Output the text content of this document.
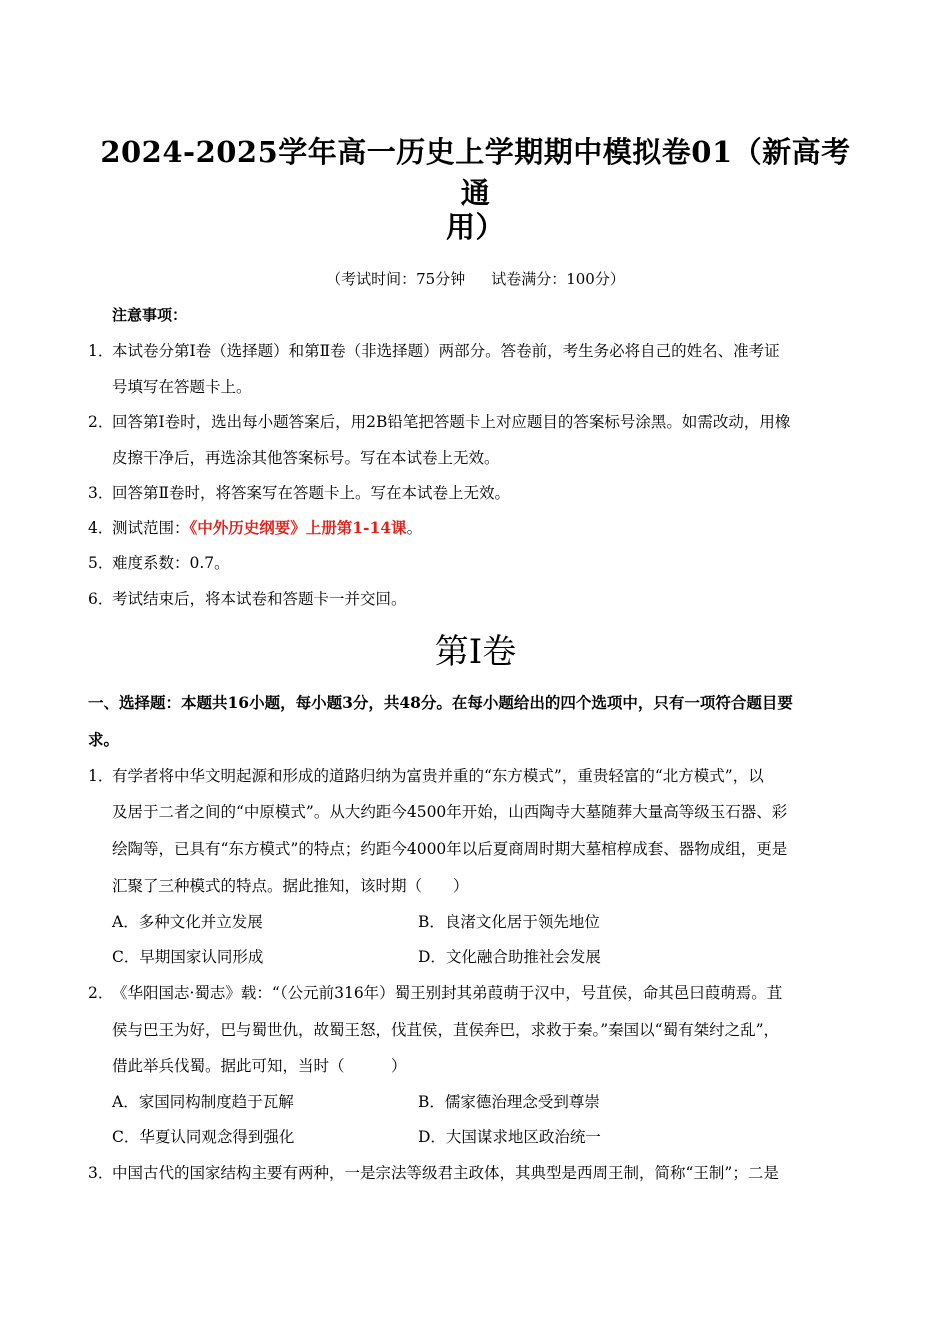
2024-2025学年高一历史上学期期中模拟卷01（新高考通
用）
（考试时间：75分钟 试卷满分：100分）
注意事项：
1．
本试卷分第Ⅰ卷（选择题）和第Ⅱ卷（非选择题）两部分。答卷前，考生务必将自己的姓名、准考证
号填写在答题卡上。
2．
回答第Ⅰ卷时，选出每小题答案后，用2B铅笔把答题卡上对应题目的答案标号涂黑。如需改动，用橡
皮擦干净后，再选涂其他答案标号。写在本试卷上无效。
3．
回答第Ⅱ卷时，将答案写在答题卡上。写在本试卷上无效。
4．
测试范围：《中外历史纲要》上册第1-14课。
5．
难度系数：0.7。
6．
考试结束后，将本试卷和答题卡一并交回。
第Ⅰ卷
一、选择题：本题共16小题，每小题3分，共48分。在每小题给出的四个选项中，只有一项符合题目要
求。
1．
有学者将中华文明起源和形成的道路归纳为富贵并重的“东方模式”，重贵轻富的“北方模式”，以
及居于二者之间的“中原模式”。从大约距今4500年开始，山西陶寺大墓随葬大量高等级玉石器、彩
绘陶等，已具有“东方模式”的特点；约距今4000年以后夏商周时期大墓棺椁成套、器物成组，更是
汇聚了三种模式的特点。据此推知，该时期（　　）
A．多种文化并立发展	B．良渚文化居于领先地位
C．早期国家认同形成	D．文化融合助推社会发展
2．
《华阳国志·蜀志》载：“（公元前316年）蜀王别封其弟葭萌于汉中，号苴侯，命其邑曰葭萌焉。苴
侯与巴王为好，巴与蜀世仇，故蜀王怒，伐苴侯，苴侯奔巴，求救于秦。”秦国以“蜀有桀纣之乱”，
借此举兵伐蜀。据此可知，当时（　　　）
A．家国同构制度趋于瓦解	B．儒家德治理念受到尊崇
C．华夏认同观念得到强化	D．大国谋求地区政治统一
3．
中国古代的国家结构主要有两种，一是宗法等级君主政体，其典型是西周王制，简称“王制”；二是
